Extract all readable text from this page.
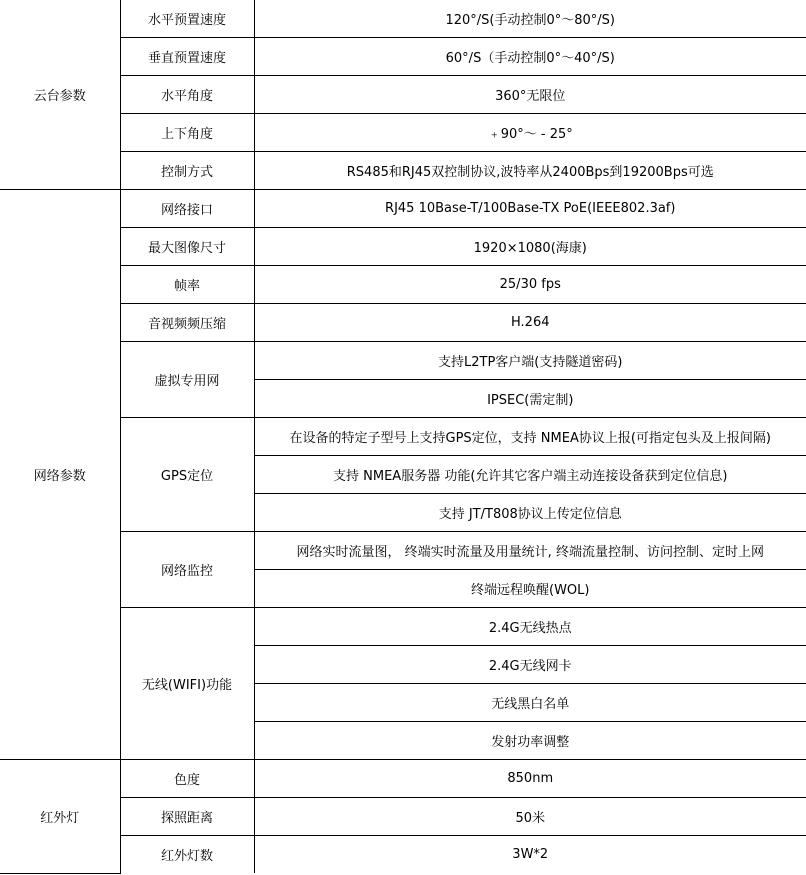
云台参数	水平预置速度	120°/S(手动控制0°～80°/S)
	垂直预置速度	60°/S（手动控制0°～40°/S)
	水平角度	360°无限位
	上下角度	﹢90°～ - 25°
	控制方式	RS485和RJ45双控制协议,波特率从2400Bps到19200Bps可选
网络参数	网络接口	RJ45 10Base-T/100Base-TX PoE(IEEE802.3af)
	最大图像尺寸	1920×1080(海康)
	帧率	25/30 fps
	音视频频压缩	H.264
	虚拟专用网	支持L2TP客户端(支持隧道密码)
		IPSEC(需定制)
	GPS定位	在设备的特定子型号上支持GPS定位，支持 NMEA协议上报(可指定包头及上报间隔)
		支持 NMEA服务器 功能(允许其它客户端主动连接设备获到定位信息)
		支持 JT/T808协议上传定位信息
	网络监控	网络实时流量图， 终端实时流量及用量统计, 终端流量控制、访问控制、定时上网
		终端远程唤醒(WOL)
	无线(WIFI)功能	2.4G无线热点
		2.4G无线网卡
		无线黑白名单
		发射功率调整
红外灯	色度	850nm
	探照距离	50米
	红外灯数	3W*2
